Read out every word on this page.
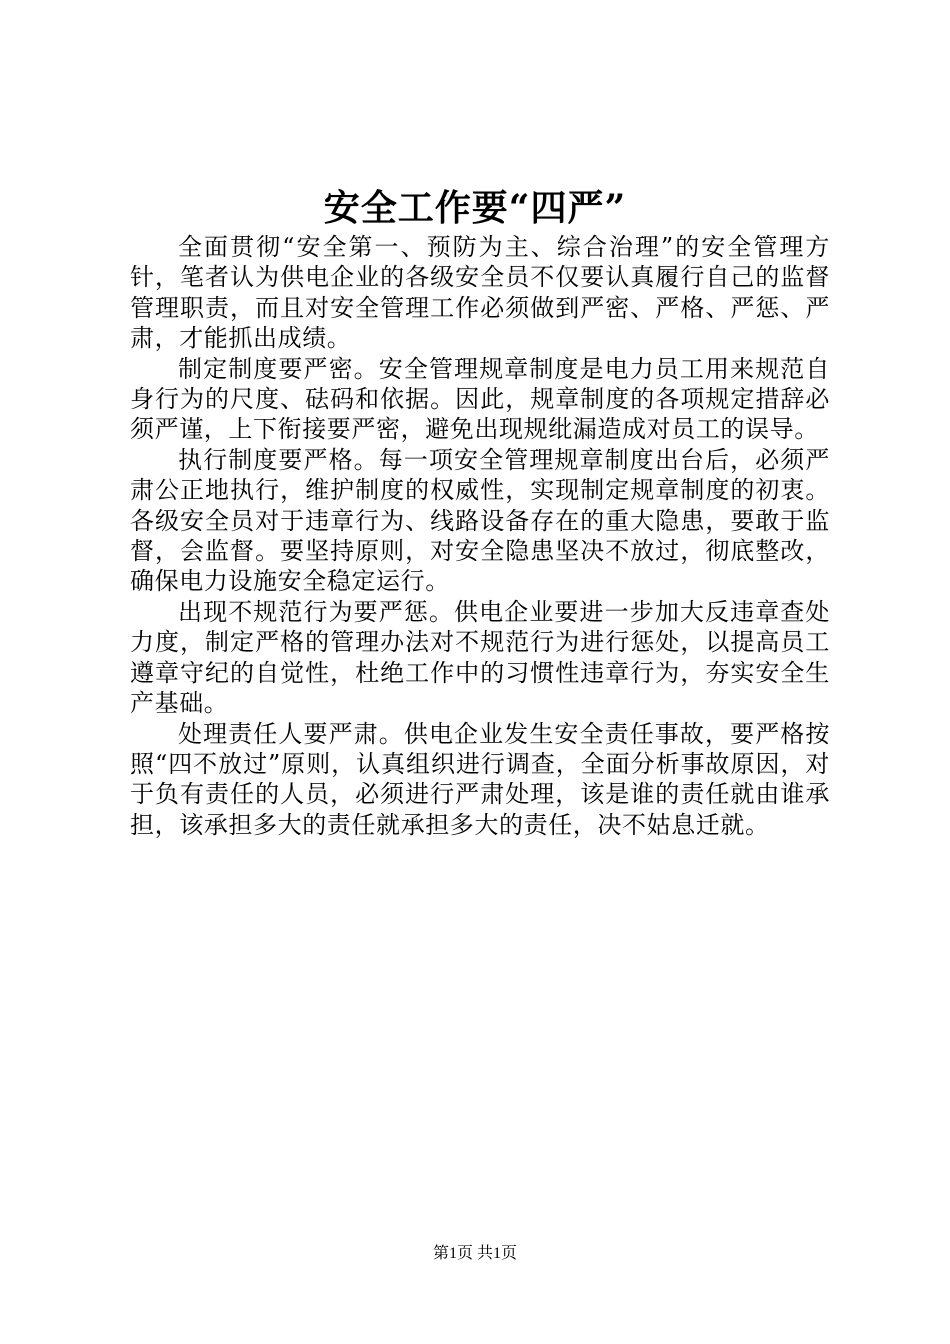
安全工作要“四严”

全面贯彻“安全第一、预防为主、综合治理”的安全管理方针，笔者认为供电企业的各级安全员不仅要认真履行自己的监督管理职责，而且对安全管理工作必须做到严密、严格、严惩、严肃，才能抓出成绩。

制定制度要严密。安全管理规章制度是电力员工用来规范自身行为的尺度、砝码和依据。因此，规章制度的各项规定措辞必须严谨，上下衔接要严密，避免出现规纰漏造成对员工的误导。

执行制度要严格。每一项安全管理规章制度出台后，必须严肃公正地执行，维护制度的权威性，实现制定规章制度的初衷。各级安全员对于违章行为、线路设备存在的重大隐患，要敢于监督，会监督。要坚持原则，对安全隐患坚决不放过，彻底整改，确保电力设施安全稳定运行。

出现不规范行为要严惩。供电企业要进一步加大反违章查处力度，制定严格的管理办法对不规范行为进行惩处，以提高员工遵章守纪的自觉性，杜绝工作中的习惯性违章行为，夯实安全生产基础。

处理责任人要严肃。供电企业发生安全责任事故，要严格按照“四不放过”原则，认真组织进行调查，全面分析事故原因，对于负有责任的人员，必须进行严肃处理，该是谁的责任就由谁承担，该承担多大的责任就承担多大的责任，决不姑息迁就。

第1页 共1页
